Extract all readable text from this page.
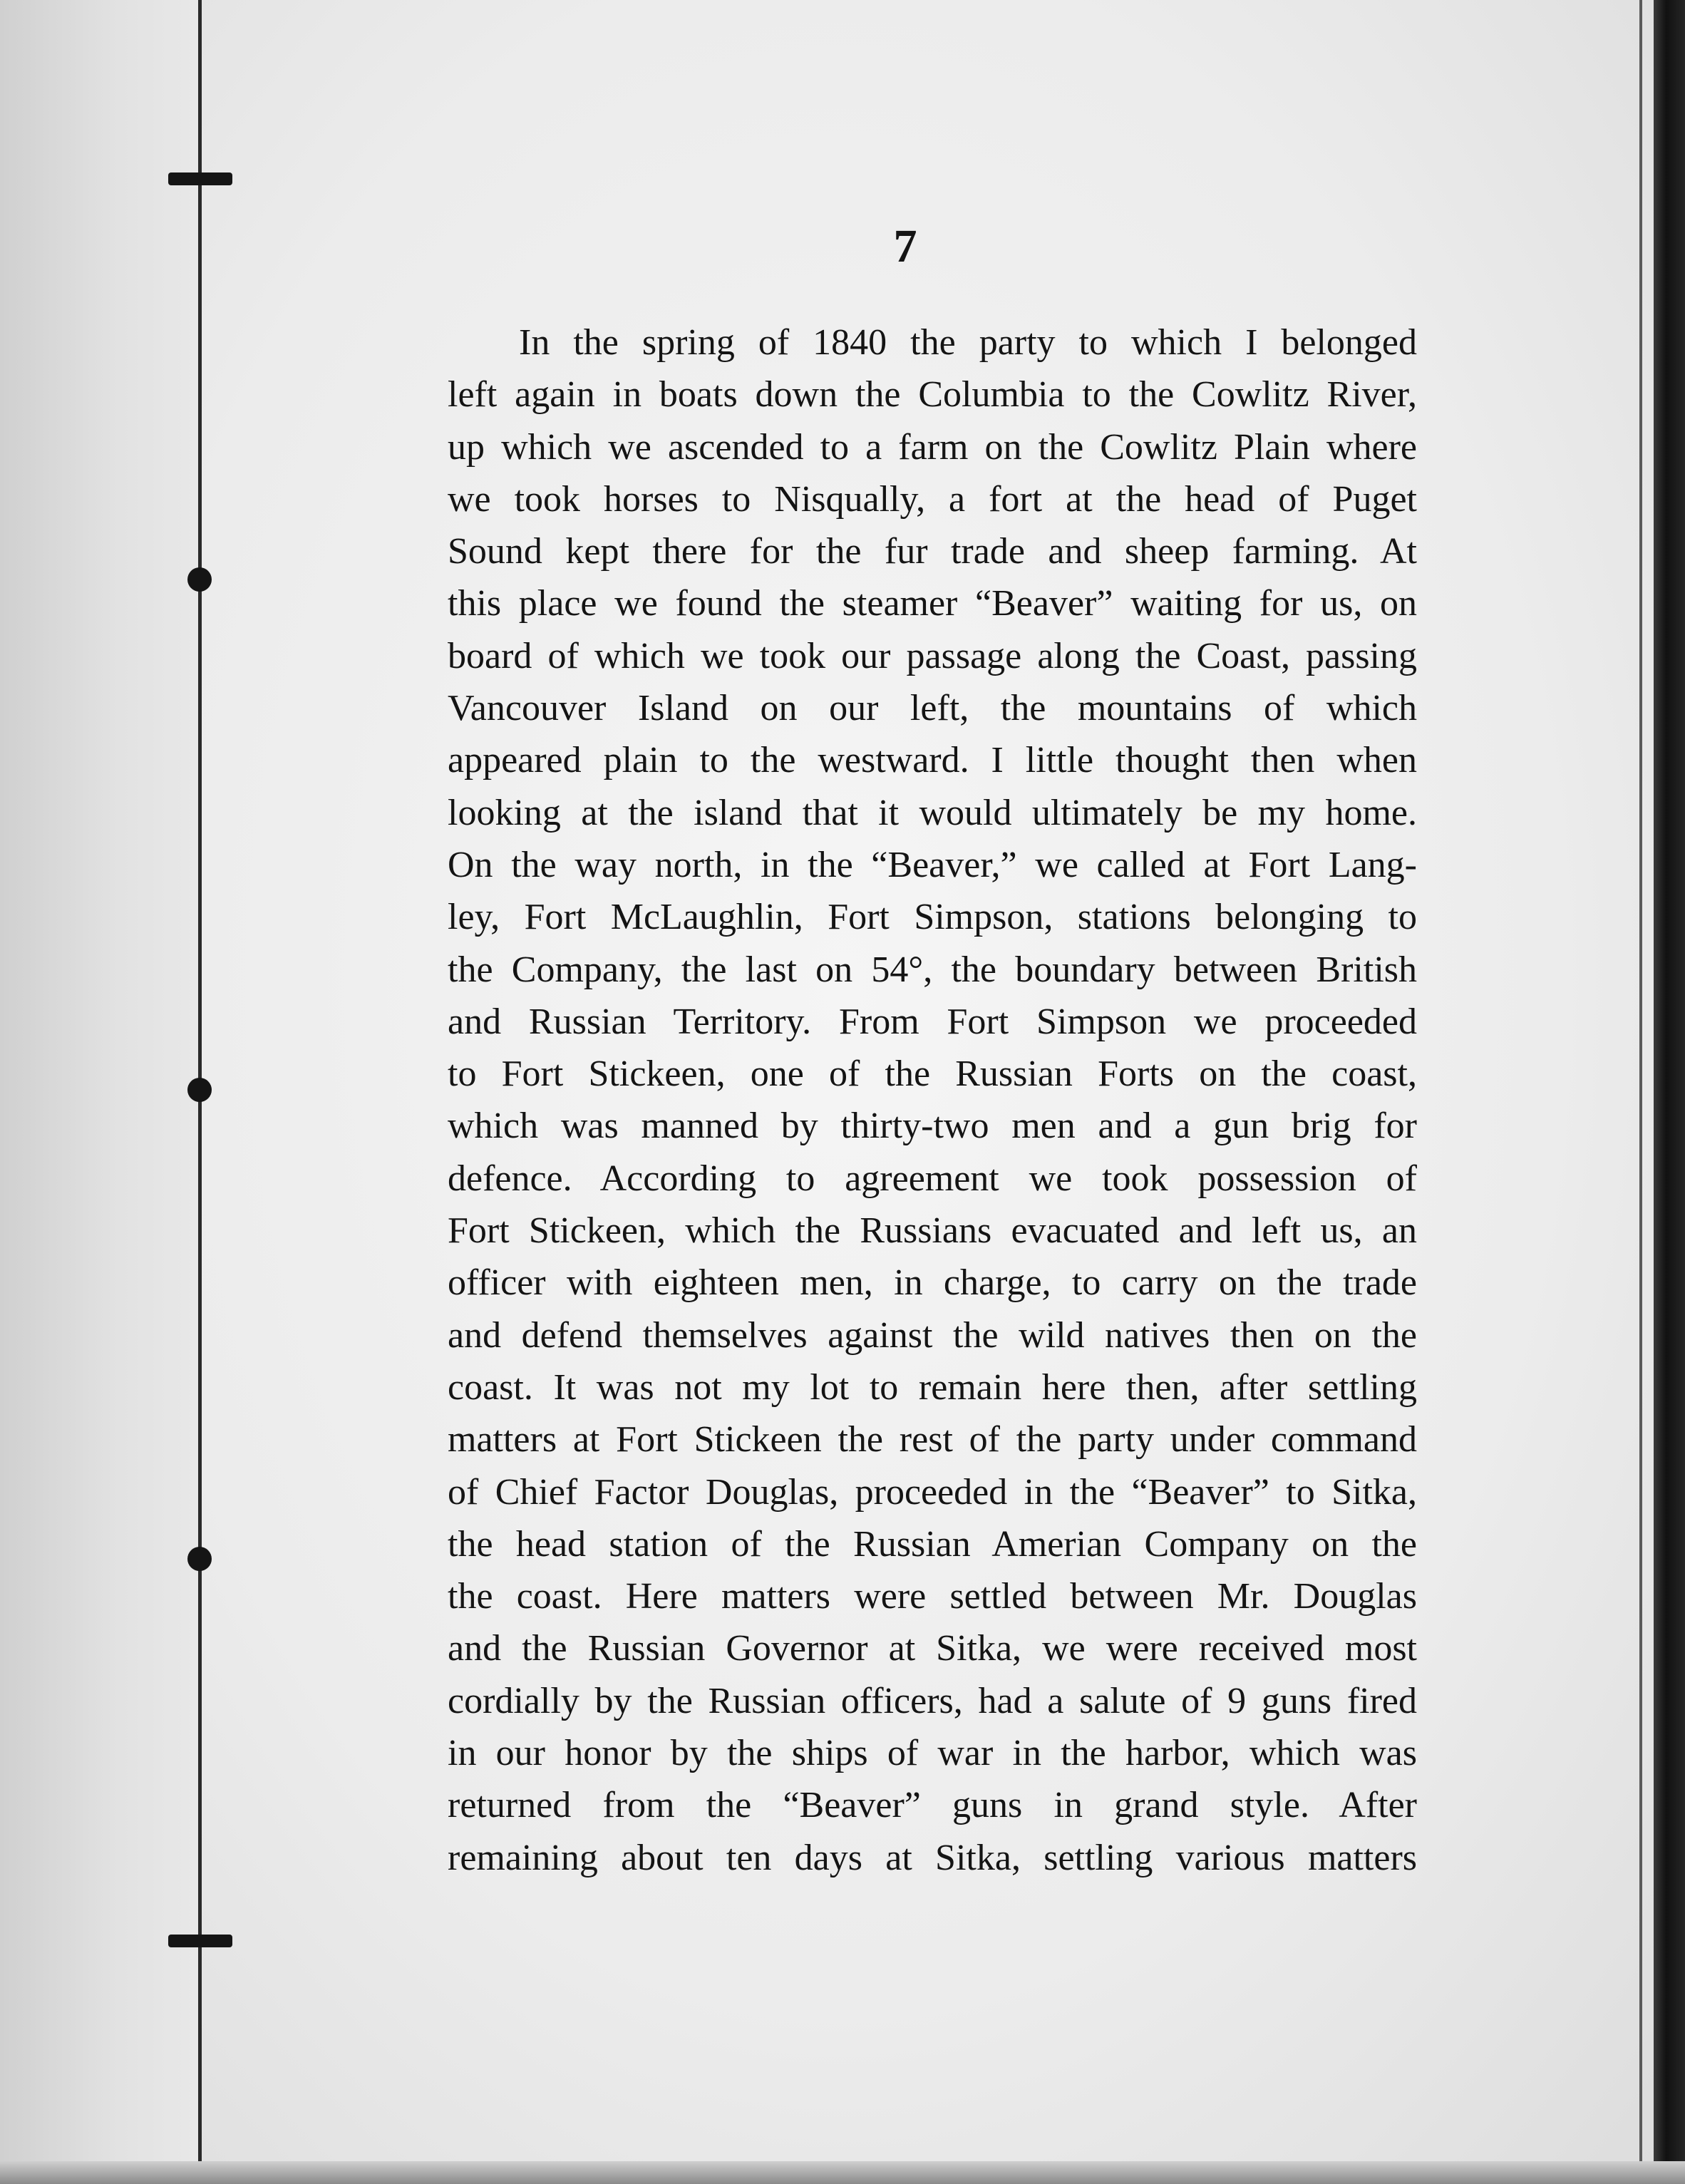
7
In the spring of 1840 the party to which I belonged
left again in boats down the Columbia to the Cowlitz River,
up which we ascended to a farm on the Cowlitz Plain where
we took horses to Nisqually, a fort at the head of Puget
Sound kept there for the fur trade and sheep farming. At
this place we found the steamer “Beaver” waiting for us, on
board of which we took our passage along the Coast, passing
Vancouver Island on our left, the mountains of which
appeared plain to the westward. I little thought then when
looking at the island that it would ultimately be my home.
On the way north, in the “Beaver,” we called at Fort Lang-
ley, Fort McLaughlin, Fort Simpson, stations belonging to
the Company, the last on 54°, the boundary between British
and Russian Territory. From Fort Simpson we proceeded
to Fort Stickeen, one of the Russian Forts on the coast,
which was manned by thirty-two men and a gun brig for
defence. According to agreement we took possession of
Fort Stickeen, which the Russians evacuated and left us, an
officer with eighteen men, in charge, to carry on the trade
and defend themselves against the wild natives then on the
coast. It was not my lot to remain here then, after settling
matters at Fort Stickeen the rest of the party under command
of Chief Factor Douglas, proceeded in the “Beaver” to Sitka,
the head station of the Russian Amerian Company on the
the coast. Here matters were settled between Mr. Douglas
and the Russian Governor at Sitka, we were received most
cordially by the Russian officers, had a salute of 9 guns fired
in our honor by the ships of war in the harbor, which was
returned from the “Beaver” guns in grand style. After
remaining about ten days at Sitka, settling various matters
